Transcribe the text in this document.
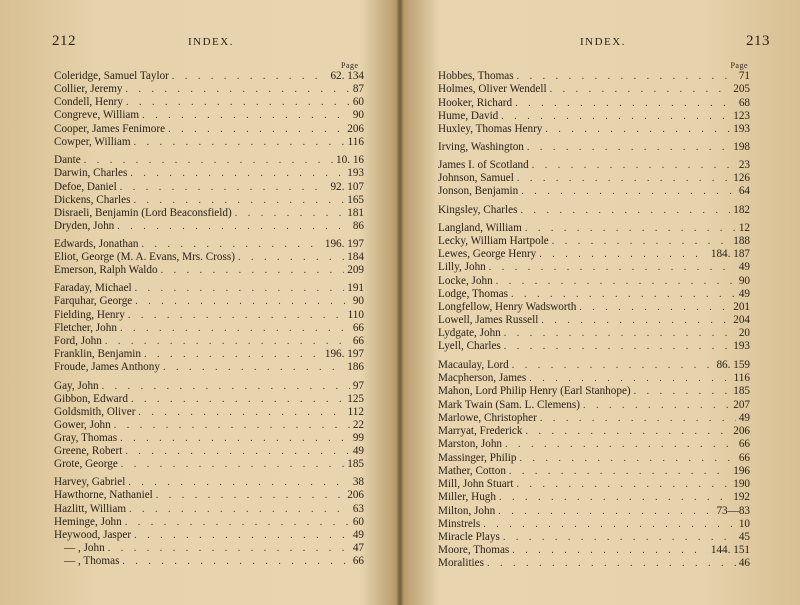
212	INDEX.
Page
Coleridge, Samuel Taylor . . .	62. 134
Collier, Jeremy . . .	87
Condell, Henry . . .	60
Congreve, William . . .	90
Cooper, James Fenimore . . .	206
Cowper, William . . .	116
Dante . . .	10. 16
Darwin, Charles . . .	193
Defoe, Daniel . . .	92. 107
Dickens, Charles . . .	165
Disraeli, Benjamin (Lord Beaconsfield) . . .	181
Dryden, John . . .	86
Edwards, Jonathan . . .	196. 197
Eliot, George (M. A. Evans, Mrs. Cross) . . .	184
Emerson, Ralph Waldo . . .	209
Faraday, Michael . . .	191
Farquhar, George . . .	90
Fielding, Henry . . .	110
Fletcher, John . . .	66
Ford, John . . .	66
Franklin, Benjamin . . .	196. 197
Froude, James Anthony . . .	186
Gay, John . . .	97
Gibbon, Edward . . .	125
Goldsmith, Oliver . . .	112
Gower, John . . .	22
Gray, Thomas . . .	99
Greene, Robert . . .	49
Grote, George . . .	185
Harvey, Gabriel . . .	38
Hawthorne, Nathaniel . . .	206
Hazlitt, William . . .	63
Heminge, John . . .	60
Heywood, Jasper . . .	49
— , John . . .	47
— , Thomas . . .	66
213
INDEX.
Page
Hobbes, Thomas . . .	71
Holmes, Oliver Wendell . . .	205
Hooker, Richard . . .	68
Hume, David . . .	123
Huxley, Thomas Henry . . .	193
Irving, Washington . . .	198
James I. of Scotland . . .	23
Johnson, Samuel . . .	126
Jonson, Benjamin . . .	64
Kingsley, Charles . . .	182
Langland, William . . .	12
Lecky, William Hartpole . . .	188
Lewes, George Henry . . .	184. 187
Lilly, John . . .	49
Locke, John . . .	90
Lodge, Thomas . . .	49
Longfellow, Henry Wadsworth . . .	201
Lowell, James Russell . . .	204
Lydgate, John . . .	20
Lyell, Charles . . .	193
Macaulay, Lord . . .	86. 159
Macpherson, James . . .	116
Mahon, Lord Philip Henry (Earl Stanhope) . . .	185
Mark Twain (Sam. L. Clemens) . . .	207
Marlowe, Christopher . . .	49
Marryat, Frederick . . .	206
Marston, John . . .	66
Massinger, Philip . . .	66
Mather, Cotton . . .	196
Mill, John Stuart . . .	190
Miller, Hugh . . .	192
Milton, John . . .	73—83
Minstrels . . .	10
Miracle Plays . . .	45
Moore, Thomas . . .	144. 151
Moralities . . .	46
